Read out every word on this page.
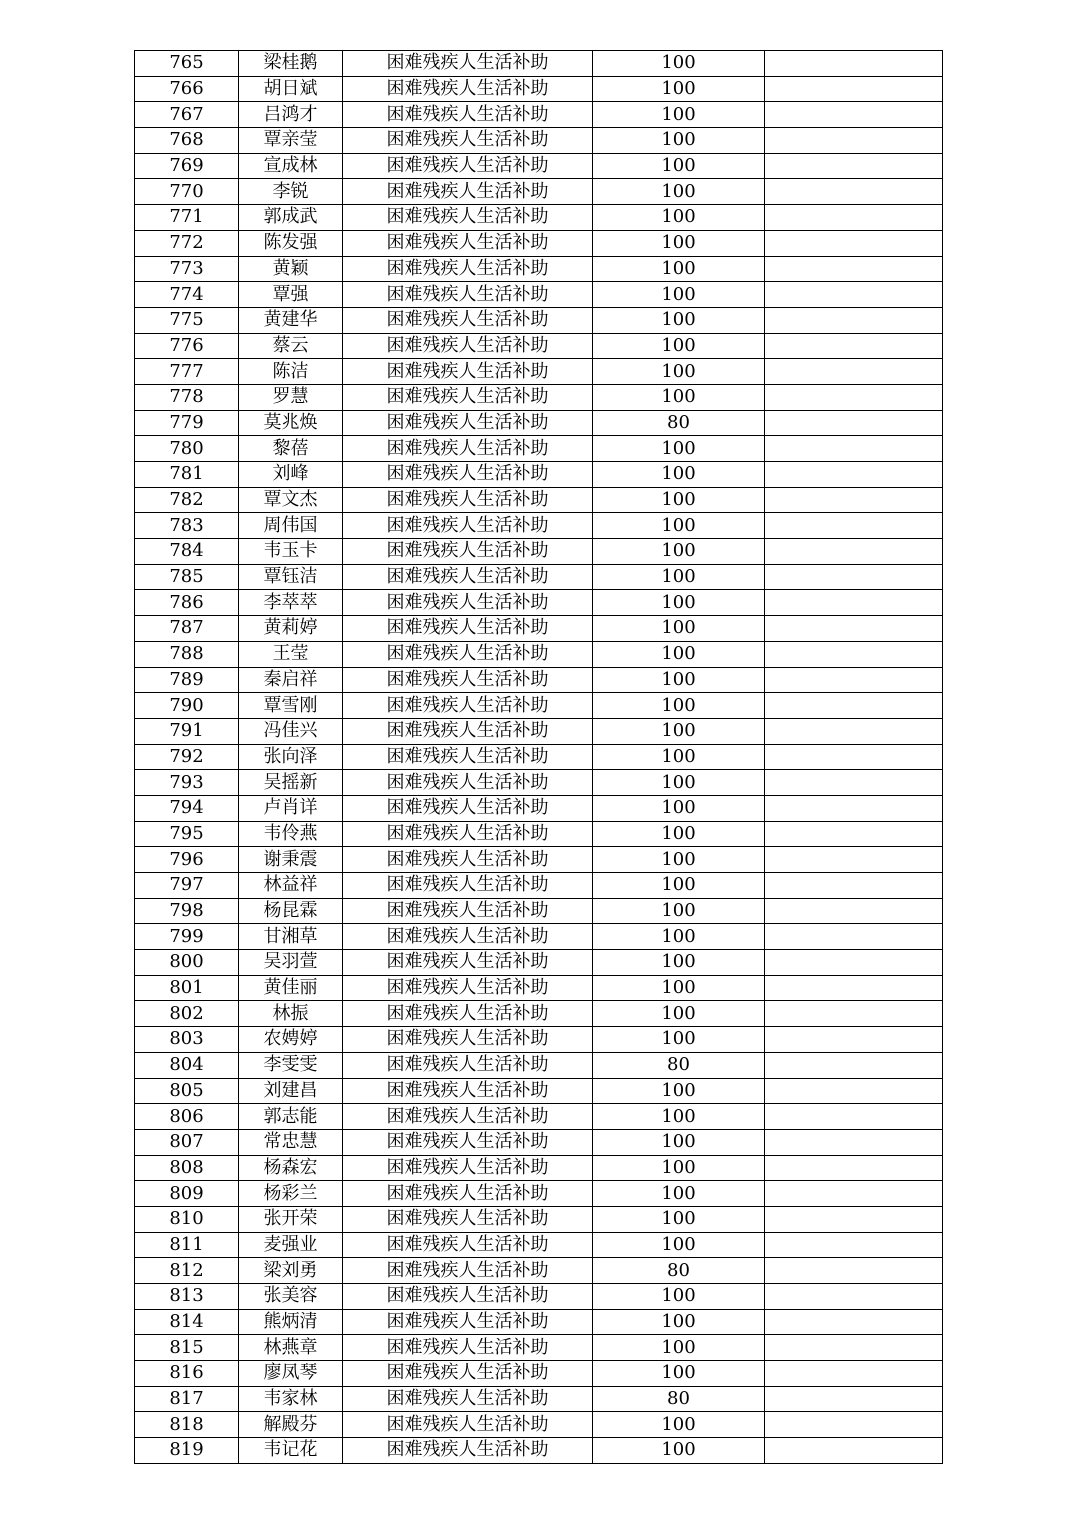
765	梁桂鹅	困难残疾人生活补助	100	
766	胡日斌	困难残疾人生活补助	100	
767	吕鸿才	困难残疾人生活补助	100	
768	覃亲莹	困难残疾人生活补助	100	
769	宣成林	困难残疾人生活补助	100	
770	李锐	困难残疾人生活补助	100	
771	郭成武	困难残疾人生活补助	100	
772	陈发强	困难残疾人生活补助	100	
773	黄颖	困难残疾人生活补助	100	
774	覃强	困难残疾人生活补助	100	
775	黄建华	困难残疾人生活补助	100	
776	蔡云	困难残疾人生活补助	100	
777	陈洁	困难残疾人生活补助	100	
778	罗慧	困难残疾人生活补助	100	
779	莫兆焕	困难残疾人生活补助	80	
780	黎蓓	困难残疾人生活补助	100	
781	刘峰	困难残疾人生活补助	100	
782	覃文杰	困难残疾人生活补助	100	
783	周伟国	困难残疾人生活补助	100	
784	韦玉卡	困难残疾人生活补助	100	
785	覃钰洁	困难残疾人生活补助	100	
786	李萃萃	困难残疾人生活补助	100	
787	黄莉婷	困难残疾人生活补助	100	
788	王莹	困难残疾人生活补助	100	
789	秦启祥	困难残疾人生活补助	100	
790	覃雪刚	困难残疾人生活补助	100	
791	冯佳兴	困难残疾人生活补助	100	
792	张向泽	困难残疾人生活补助	100	
793	吴摇新	困难残疾人生活补助	100	
794	卢肖详	困难残疾人生活补助	100	
795	韦伶燕	困难残疾人生活补助	100	
796	谢秉震	困难残疾人生活补助	100	
797	林益祥	困难残疾人生活补助	100	
798	杨昆霖	困难残疾人生活补助	100	
799	甘湘草	困难残疾人生活补助	100	
800	吴羽萱	困难残疾人生活补助	100	
801	黄佳丽	困难残疾人生活补助	100	
802	林振	困难残疾人生活补助	100	
803	农娉婷	困难残疾人生活补助	100	
804	李雯雯	困难残疾人生活补助	80	
805	刘建昌	困难残疾人生活补助	100	
806	郭志能	困难残疾人生活补助	100	
807	常忠慧	困难残疾人生活补助	100	
808	杨森宏	困难残疾人生活补助	100	
809	杨彩兰	困难残疾人生活补助	100	
810	张开荣	困难残疾人生活补助	100	
811	麦强业	困难残疾人生活补助	100	
812	梁刘勇	困难残疾人生活补助	80	
813	张美容	困难残疾人生活补助	100	
814	熊炳清	困难残疾人生活补助	100	
815	林燕章	困难残疾人生活补助	100	
816	廖凤琴	困难残疾人生活补助	100	
817	韦家林	困难残疾人生活补助	80	
818	解殿芬	困难残疾人生活补助	100	
819	韦记花	困难残疾人生活补助	100	
